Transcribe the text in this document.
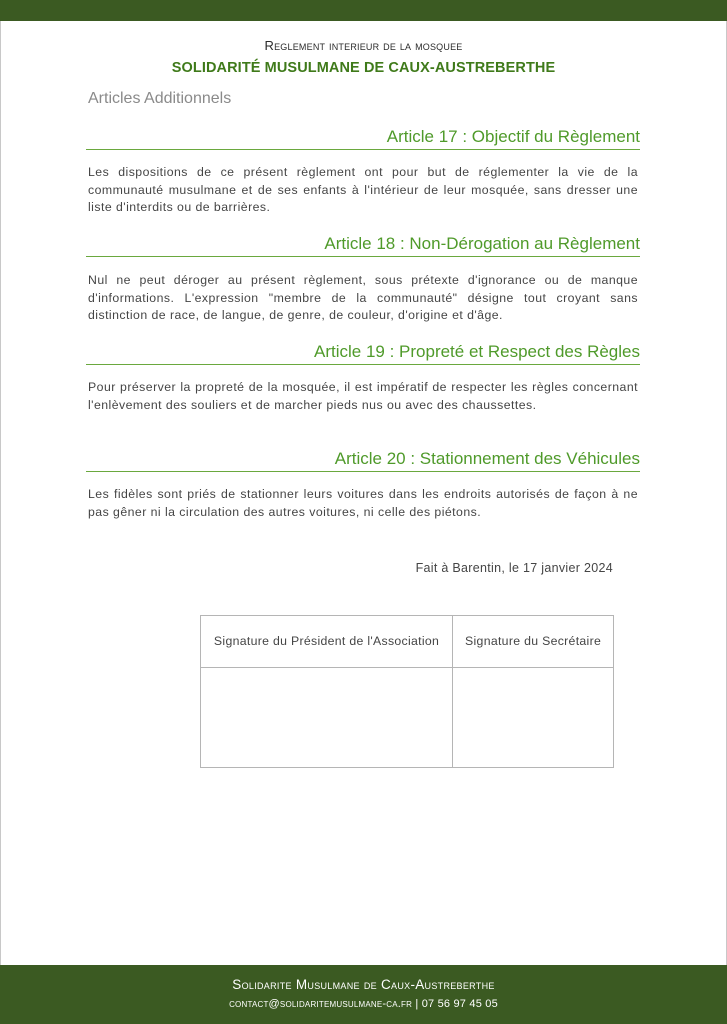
Reglement interieur de la mosquee
SOLIDARITÉ MUSULMANE DE CAUX-AUSTREBERTHE
Articles Additionnels
Article 17 : Objectif du Règlement
Les dispositions de ce présent règlement ont pour but de réglementer la vie de la communauté musulmane et de ses enfants à l'intérieur de leur mosquée, sans dresser une liste d'interdits ou de barrières.
Article 18 : Non-Dérogation au Règlement
Nul ne peut déroger au présent règlement, sous prétexte d'ignorance ou de manque d'informations. L'expression "membre de la communauté" désigne tout croyant sans distinction de race, de langue, de genre, de couleur, d'origine et d'âge.
Article 19 : Propreté et Respect des Règles
Pour préserver la propreté de la mosquée, il est impératif de respecter les règles concernant l'enlèvement des souliers et de marcher pieds nus ou avec des chaussettes.
Article 20 : Stationnement des Véhicules
Les fidèles sont priés de stationner leurs voitures dans les endroits autorisés de façon à ne pas gêner ni la circulation des autres voitures, ni celle des piétons.
Fait à Barentin, le 17 janvier 2024
Signature du Président de l'Association	Signature du Secrétaire

Solidarite Musulmane de Caux-Austreberthe
contact@solidaritemusulmane-ca.fr | 07 56 97 45 05
